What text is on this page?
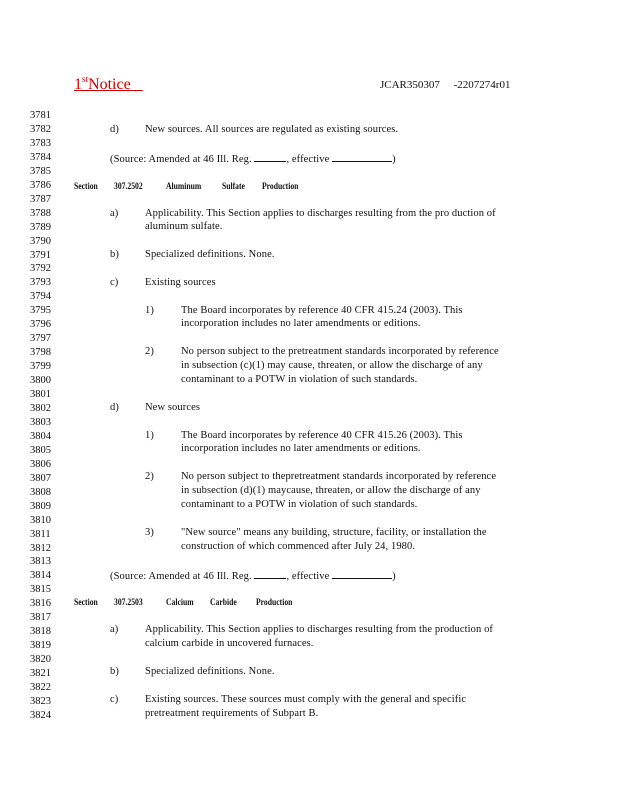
1stNotice	JCAR350307     -2207274r01
3781
3782
3783
3784
3785
3786
3787
3788
3789
3790
3791
3792
3793
3794
3795
3796
3797
3798
3799
3800
3801
3802
3803
3804
3805
3806
3807
3808
3809
3810
3811
3812
3813
3814
3815
3816
3817
3818
3819
3820
3821
3822
3823
3824
d) New sources. All sources are regulated as existing sources.
(Source: Amended at 46 Ill. Reg.	, effective	)
Section 307.2502	Aluminum Sulfate Production
a)	Applicability. This Section applies to discharges resulting from the pro duction of
aluminum sulfate.
b) Specialized definitions. None.
c)	Existing sources
1)	The Board incorporates by reference 40 CFR 415.24 (2003). This
incorporation includes no later amendments or editions.
2)	No person subject to the pretreatment standards incorporated by reference
in subsection (c)(1) may cause, threaten, or allow the discharge of any
contaminant to a POTW in violation of such standards.
d) New sources
1)	The Board incorporates by reference 40 CFR 415.26 (2003). This
incorporation includes no later amendments or editions.
2)	No person subject to thepretreatment standards incorporated by reference
in subsection (d)(1) maycause, threaten, or allow the discharge of any
contaminant to a POTW in violation of such standards.
3)	"New source" means any building, structure, facility, or installation the
construction of which commenced after July 24, 1980.
(Source: Amended at 46 Ill. Reg.	, effective	)
Section 307.2503	Calcium Carbide Production
a)	Applicability. This Section applies to discharges resulting from the production of
calcium carbide in uncovered furnaces.
b) Specialized definitions. None.
c)	Existing sources. These sources must comply with the general and specific
pretreatment requirements of Subpart B.
